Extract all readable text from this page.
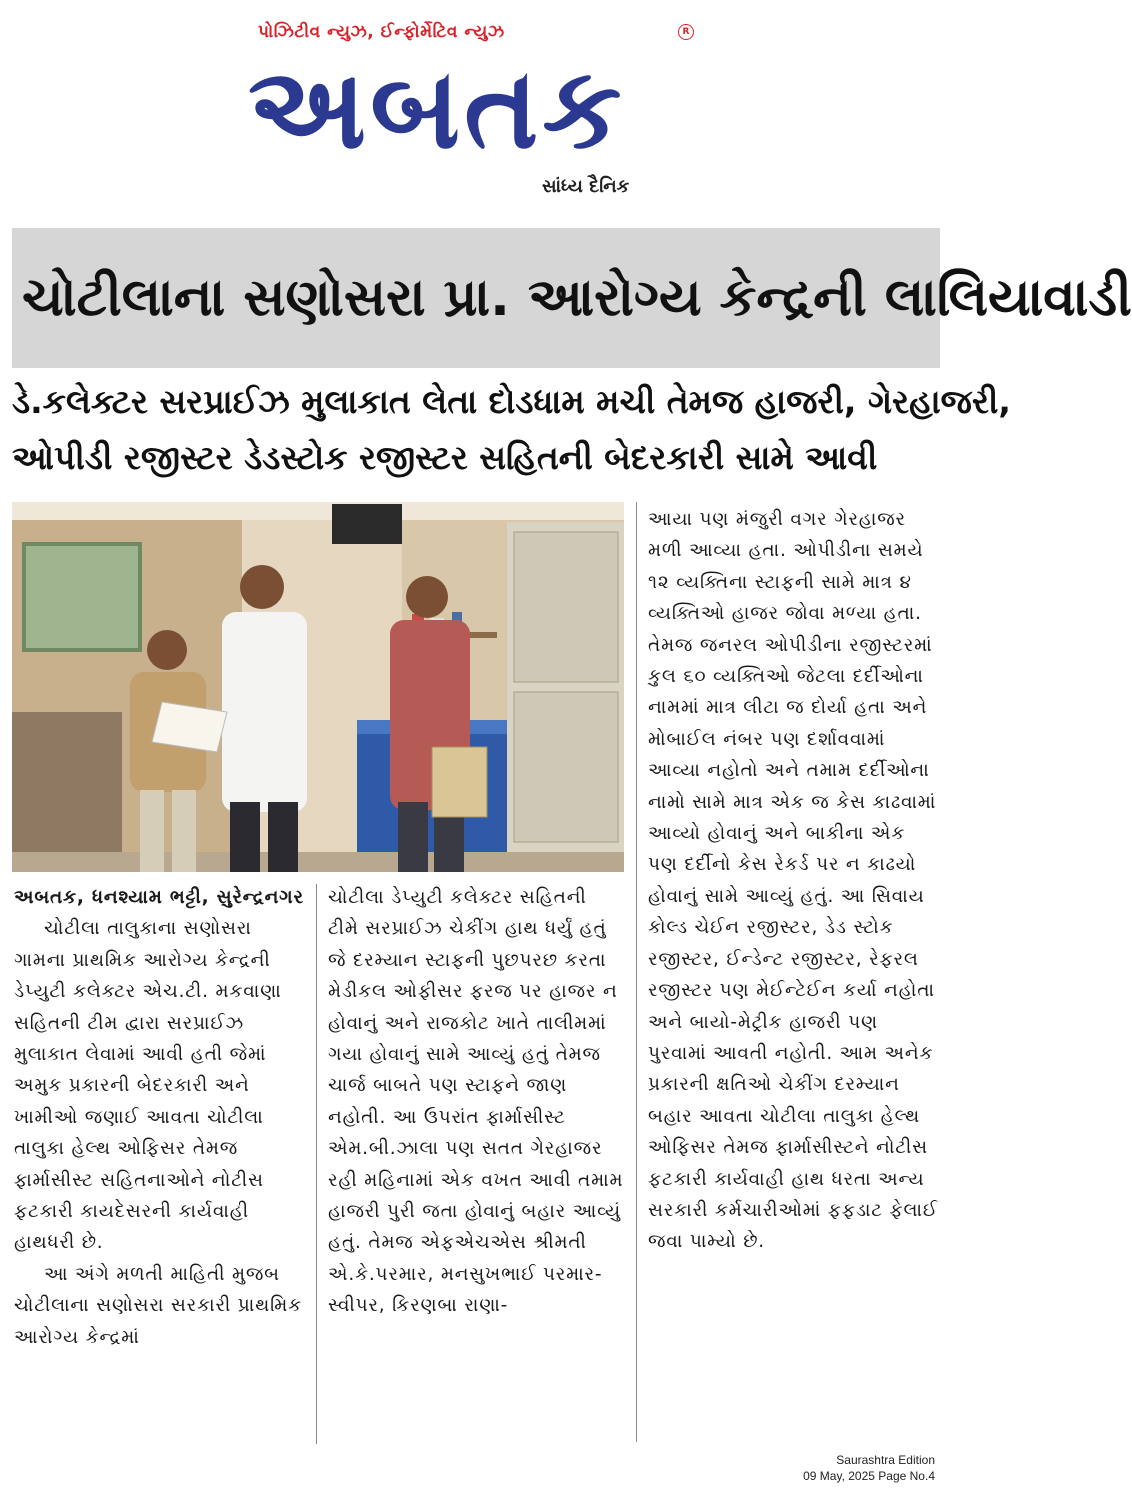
પોઝિટીવ ન્યુઝ, ઈન્ફોર્મેટિવ ન્યુઝ	R
અબતક
સાંધ્ય દૈનિક
ચોટીલાના સણોસરા પ્રા. આરોગ્ય કેન્દ્રની લાલિયાવાડી
ડે.કલેક્ટર સરપ્રાઈઝ મુલાકાત લેતા દોડધામ મચી તેમજ હાજરી, ગેરહાજરી,
ઓપીડી રજીસ્ટર ડેડસ્ટોક રજીસ્ટર સહિતની બેદરકારી સામે આવી

અબતક, ધનશ્યામ ભટ્ટી, સુરેન્દ્રનગર

ચોટીલા તાલુકાના સણોસરા ગામના પ્રાથમિક આરોગ્ય કેન્દ્રની ડેપ્યુટી કલેક્ટર એચ.ટી. મકવાણા સહિતની ટીમ દ્વારા સરપ્રાઈઝ મુલાકાત લેવામાં આવી હતી જેમાં અમુક પ્રકારની બેદરકારી અને ખામીઓ જણાઈ આવતા ચોટીલા તાલુકા હેલ્થ ઓફિસર તેમજ ફાર્માસીસ્ટ સહિતનાઓને નોટીસ ફટકારી કાયદેસરની કાર્યવાહી હાથધરી છે.

આ અંગે મળતી માહિતી મુજબ ચોટીલાના સણોસરા સરકારી પ્રાથમિક આરોગ્ય કેન્દ્રમાં

ચોટીલા ડેપ્યુટી કલેક્ટર સહિતની ટીમે સરપ્રાઈઝ ચેકીંગ હાથ ધર્યું હતું જે દરમ્યાન સ્ટાફની પુછપરછ કરતા મેડીકલ ઓફીસર ફરજ પર હાજર ન હોવાનું અને રાજકોટ ખાતે તાલીમમાં ગયા હોવાનું સામે આવ્યું હતું તેમજ ચાર્જ બાબતે પણ સ્ટાફને જાણ નહોતી. આ ઉપરાંત ફાર્માસીસ્ટ એમ.બી.ઝાલા પણ સતત ગેરહાજર રહી મહિનામાં એક વખત આવી તમામ હાજરી પુરી જતા હોવાનું બહાર આવ્યું હતું. તેમજ એફએચએસ શ્રીમતી એ.કે.પરમાર, મનસુખભાઈ પરમાર-સ્વીપર, કિરણબા રાણા-

આયા પણ મંજુરી વગર ગેરહાજર મળી આવ્યા હતા. ઓપીડીના સમયે ૧૨ વ્યક્તિના સ્ટાફની સામે માત્ર ૪ વ્યક્તિઓ હાજર જોવા મળ્યા હતા. તેમજ જનરલ ઓપીડીના રજીસ્ટરમાં કુલ ૬૦ વ્યક્તિઓ જેટલા દર્દીઓના નામમાં માત્ર લીટા જ દોર્યા હતા અને મોબાઈલ નંબર પણ દર્શાવવામાં આવ્યા નહોતો અને તમામ દર્દીઓના નામો સામે માત્ર એક જ કેસ કાઢવામાં આવ્યો હોવાનું અને બાકીના એક પણ દર્દીનો કેસ રેકર્ડ પર ન કાઢયો હોવાનું સામે આવ્યું હતું. આ સિવાય કોલ્ડ ચેઈન રજીસ્ટર, ડેડ સ્ટોક રજીસ્ટર, ઈન્ડેન્ટ રજીસ્ટર, રેફરલ રજીસ્ટર પણ મેઈન્ટેઈન કર્યા નહોતા અને બાયો-મેટ્રીક હાજરી પણ પુરવામાં આવતી નહોતી. આમ અનેક પ્રકારની ક્ષતિઓ ચેકીંગ દરમ્યાન બહાર આવતા ચોટીલા તાલુકા હેલ્થ ઓફિસર તેમજ ફાર્માસીસ્ટને નોટીસ ફટકારી કાર્યવાહી હાથ ધરતા અન્ય સરકારી કર્મચારીઓમાં ફફડાટ ફેલાઈ જવા પામ્યો છે.

Saurashtra Edition
09 May, 2025 Page No.4
